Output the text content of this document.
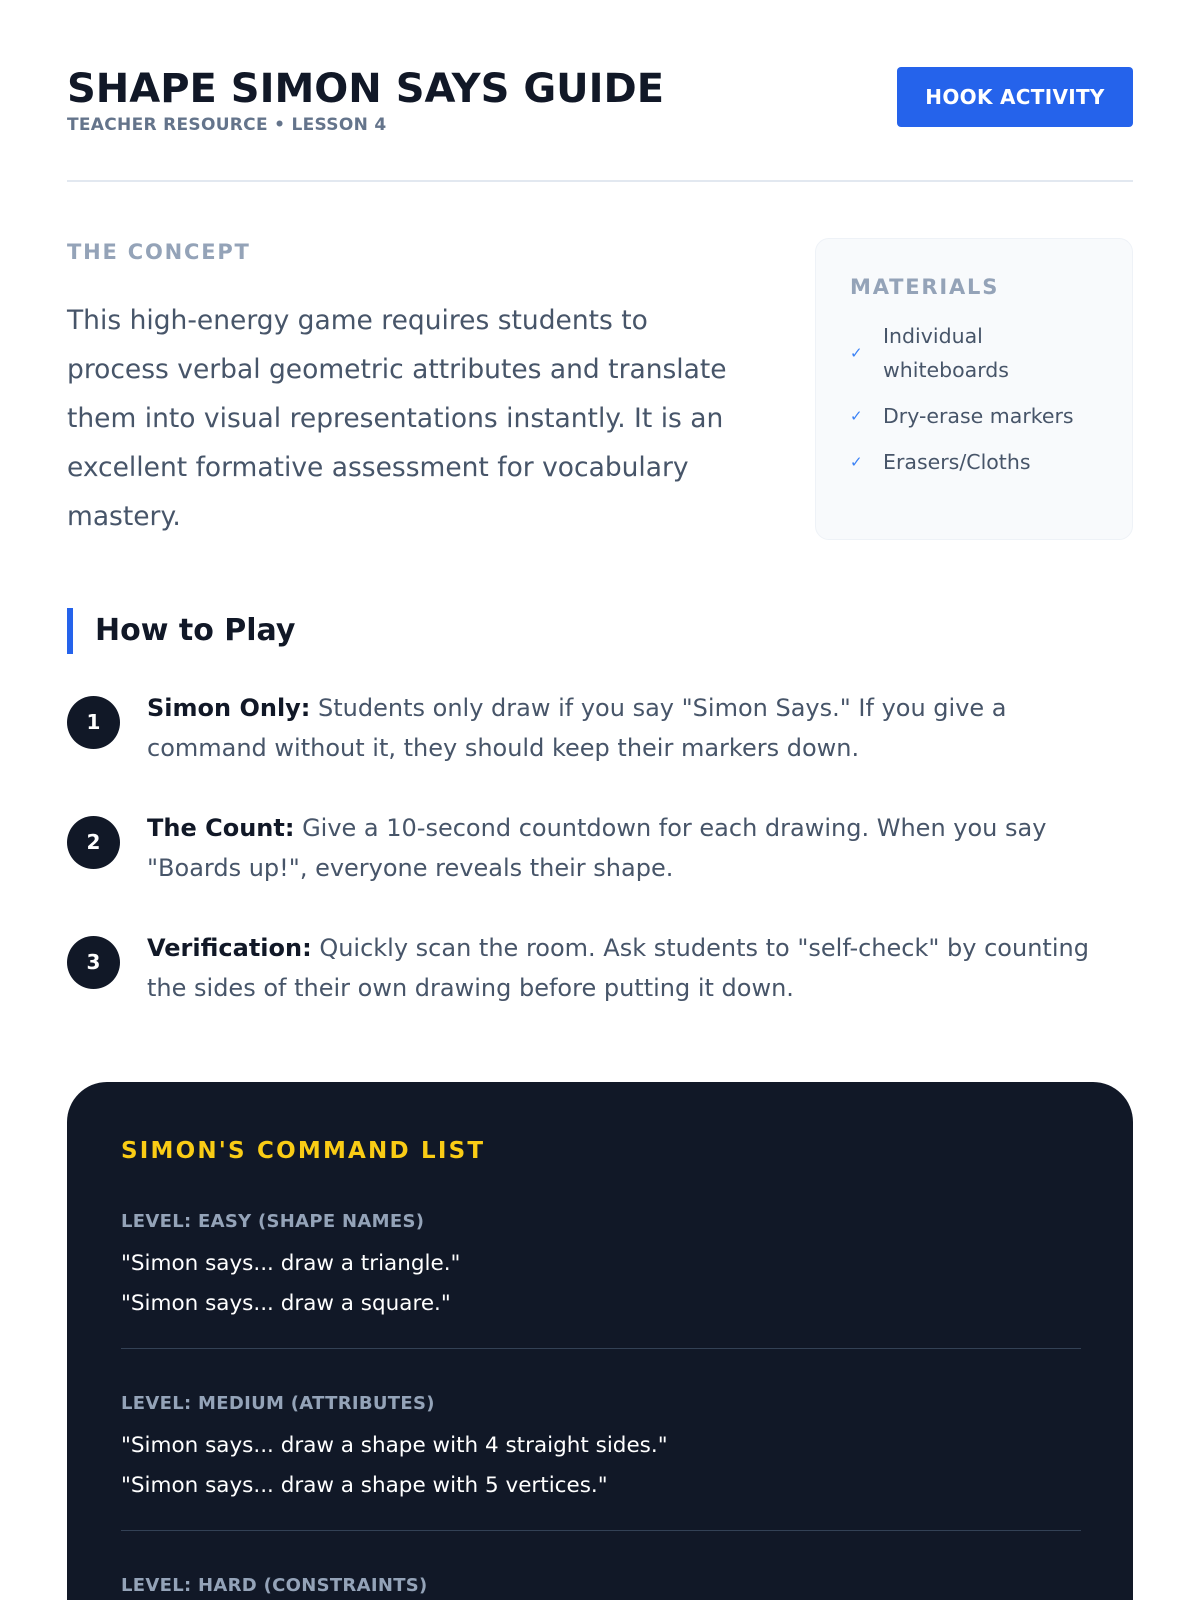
SHAPE SIMON SAYS GUIDE
TEACHER RESOURCE • LESSON 4
HOOK ACTIVITY
THE CONCEPT

This high-energy game requires students to process verbal geometric attributes and translate them into visual representations instantly. It is an excellent formative assessment for vocabulary mastery.

MATERIALS
✓
Individual whiteboards
✓ Dry-erase markers
✓ Erasers/Cloths
How to Play
1	Simon Only: Students only draw if you say "Simon Says." If you give a command without it, they should keep their markers down.

2	The Count: Give a 10-second countdown for each drawing. When you say "Boards up!", everyone reveals their shape.

3	Verification: Quickly scan the room. Ask students to "self-check" by counting the sides of their own drawing before putting it down.

SIMON'S COMMAND LIST
LEVEL: EASY (SHAPE NAMES)
"Simon says... draw a triangle."
"Simon says... draw a square."
LEVEL: MEDIUM (ATTRIBUTES)
"Simon says... draw a shape with 4 straight sides."
"Simon says... draw a shape with 5 vertices."
LEVEL: HARD (CONSTRAINTS)
